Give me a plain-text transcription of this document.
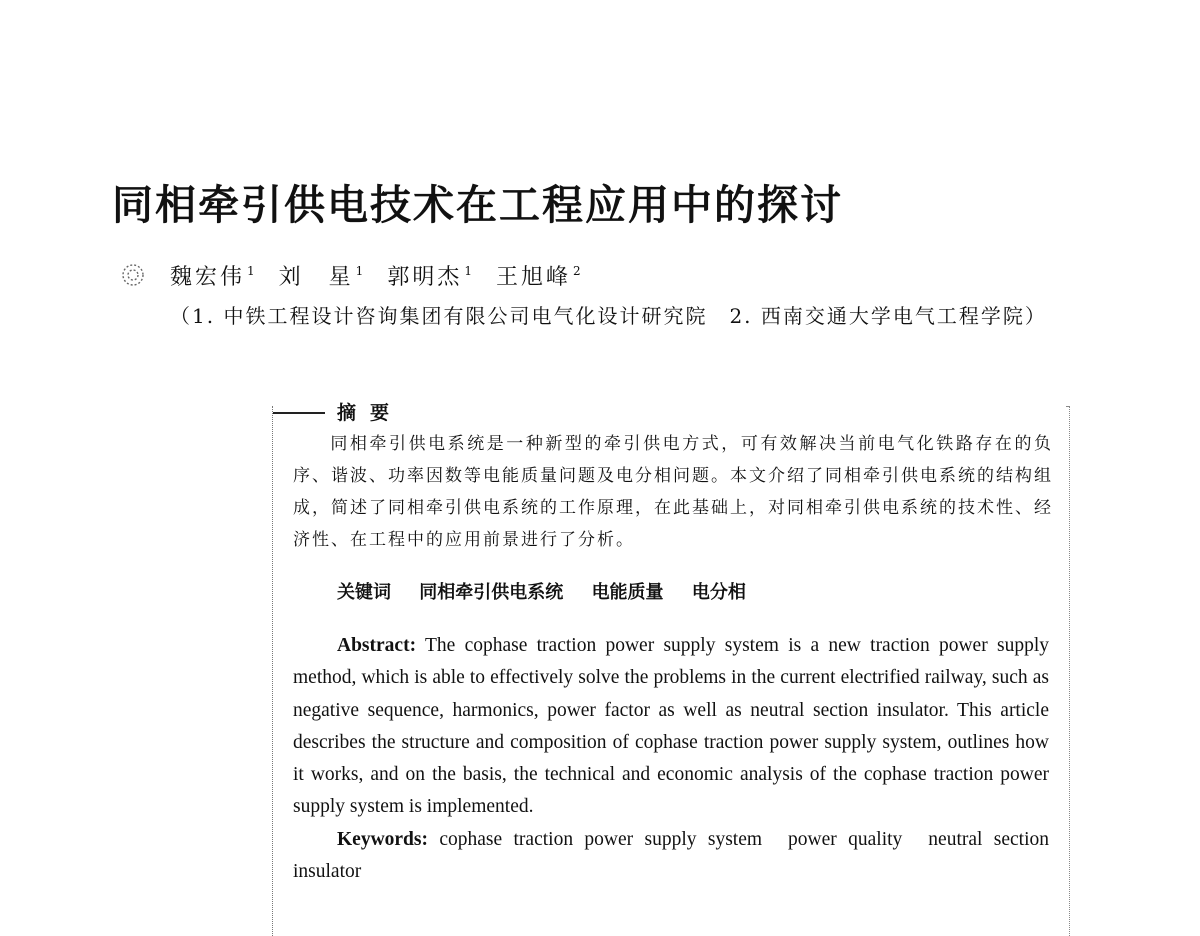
同相牵引供电技术在工程应用中的探讨
魏宏伟 $^1$ 刘　星 $^1$ 郭明杰 $^1$ 王旭峰 $^2$
（1. 中铁工程设计咨询集团有限公司电气化设计研究院　2. 西南交通大学电气工程学院）
摘要

同相牵引供电系统是一种新型的牵引供电方式，可有效解决当前电气化铁路存在的负序、谐波、功率因数等电能质量问题及电分相问题。本文介绍了同相牵引供电系统的结构组成，简述了同相牵引供电系统的工作原理，在此基础上，对同相牵引供电系统的技术性、经济性、在工程中的应用前景进行了分析。

关键词 同相牵引供电系统 电能质量 电分相
Abstract: The cophase traction power supply system is a new traction power supply method, which is able to effectively solve the problems in the current electrified railway, such as negative sequence, harmonics, power factor as well as neutral section insulator. This article describes the structure and composition of cophase traction power supply system, outlines how it works, and on the basis, the technical and economic analysis of the cophase traction power supply system is implemented.
Keywords: cophase traction power supply system power quality neutral section insulator
